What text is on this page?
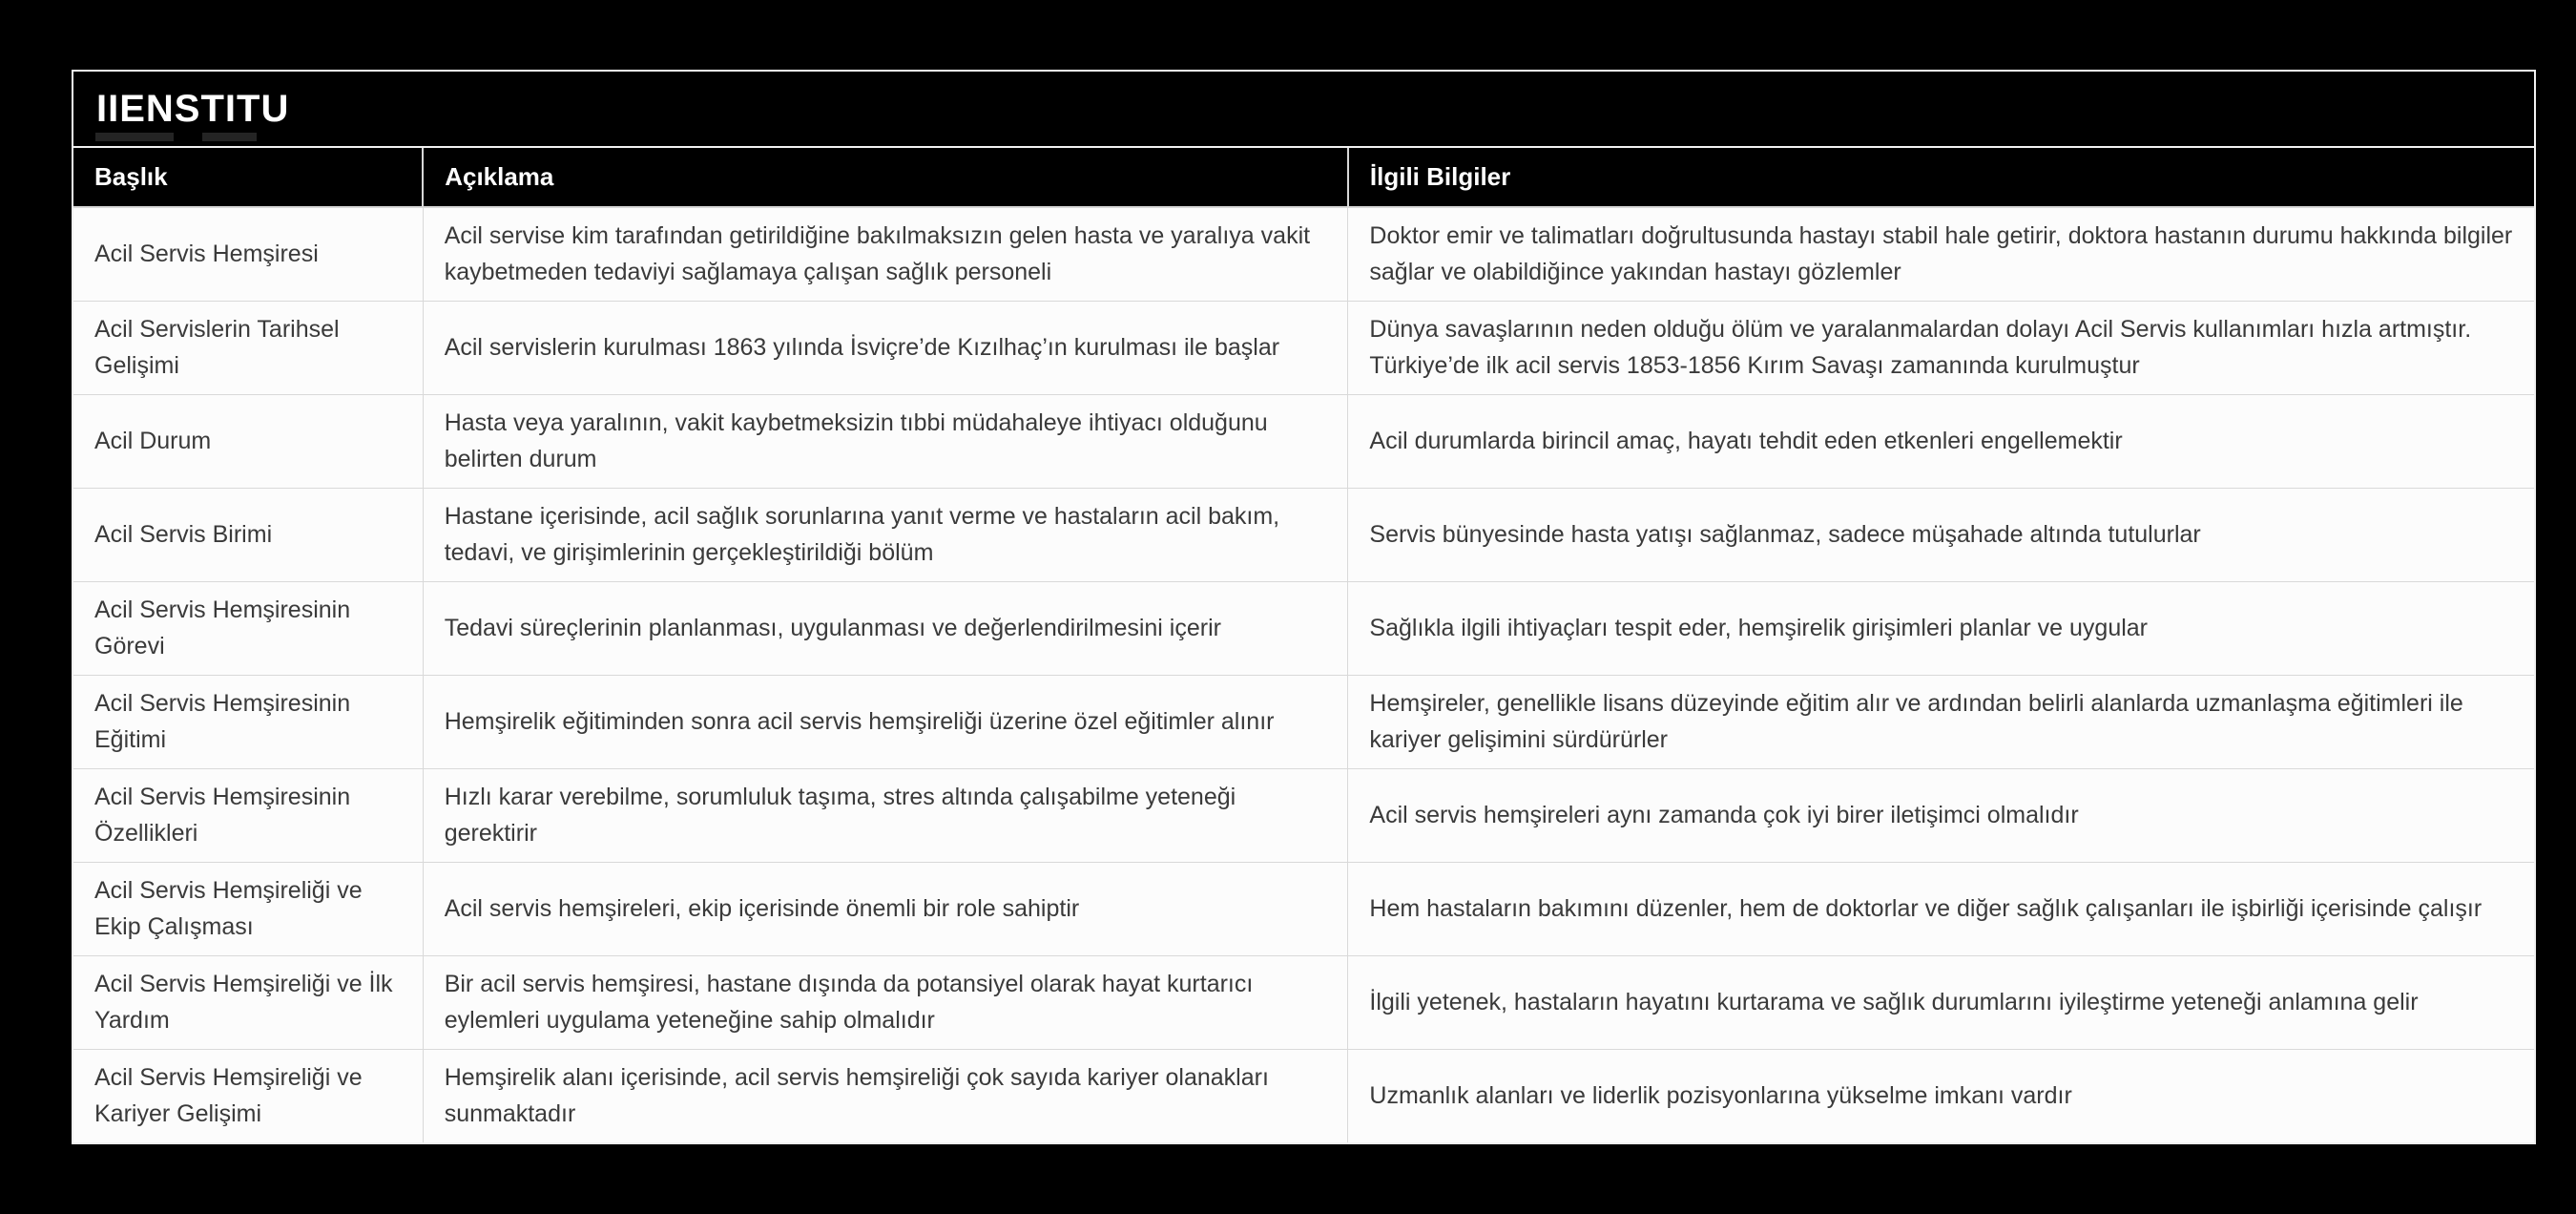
IIENSTITU
Başlık	Açıklama	İlgili Bilgiler
Acil Servis Hemşiresi	Acil servise kim tarafından getirildiğine bakılmaksızın gelen hasta ve yaralıya vakit kaybetmeden tedaviyi sağlamaya çalışan sağlık personeli	Doktor emir ve talimatları doğrultusunda hastayı stabil hale getirir, doktora hastanın durumu hakkında bilgiler sağlar ve olabildiğince yakından hastayı gözlemler
Acil Servislerin Tarihsel Gelişimi	Acil servislerin kurulması 1863 yılında İsviçre’de Kızılhaç’ın kurulması ile başlar	Dünya savaşlarının neden olduğu ölüm ve yaralanmalardan dolayı Acil Servis kullanımları hızla artmıştır. Türkiye’de ilk acil servis 1853-1856 Kırım Savaşı zamanında kurulmuştur
Acil Durum	Hasta veya yaralının, vakit kaybetmeksizin tıbbi müdahaleye ihtiyacı olduğunu belirten durum	Acil durumlarda birincil amaç, hayatı tehdit eden etkenleri engellemektir
Acil Servis Birimi	Hastane içerisinde, acil sağlık sorunlarına yanıt verme ve hastaların acil bakım, tedavi, ve girişimlerinin gerçekleştirildiği bölüm	Servis bünyesinde hasta yatışı sağlanmaz, sadece müşahade altında tutulurlar
Acil Servis Hemşiresinin Görevi	Tedavi süreçlerinin planlanması, uygulanması ve değerlendirilmesini içerir	Sağlıkla ilgili ihtiyaçları tespit eder, hemşirelik girişimleri planlar ve uygular
Acil Servis Hemşiresinin Eğitimi	Hemşirelik eğitiminden sonra acil servis hemşireliği üzerine özel eğitimler alınır	Hemşireler, genellikle lisans düzeyinde eğitim alır ve ardından belirli alanlarda uzmanlaşma eğitimleri ile kariyer gelişimini sürdürürler
Acil Servis Hemşiresinin Özellikleri	Hızlı karar verebilme, sorumluluk taşıma, stres altında çalışabilme yeteneği gerektirir	Acil servis hemşireleri aynı zamanda çok iyi birer iletişimci olmalıdır
Acil Servis Hemşireliği ve Ekip Çalışması	Acil servis hemşireleri, ekip içerisinde önemli bir role sahiptir	Hem hastaların bakımını düzenler, hem de doktorlar ve diğer sağlık çalışanları ile işbirliği içerisinde çalışır
Acil Servis Hemşireliği ve İlk Yardım	Bir acil servis hemşiresi, hastane dışında da potansiyel olarak hayat kurtarıcı eylemleri uygulama yeteneğine sahip olmalıdır	İlgili yetenek, hastaların hayatını kurtarama ve sağlık durumlarını iyileştirme yeteneği anlamına gelir
Acil Servis Hemşireliği ve Kariyer Gelişimi	Hemşirelik alanı içerisinde, acil servis hemşireliği çok sayıda kariyer olanakları sunmaktadır	Uzmanlık alanları ve liderlik pozisyonlarına yükselme imkanı vardır
